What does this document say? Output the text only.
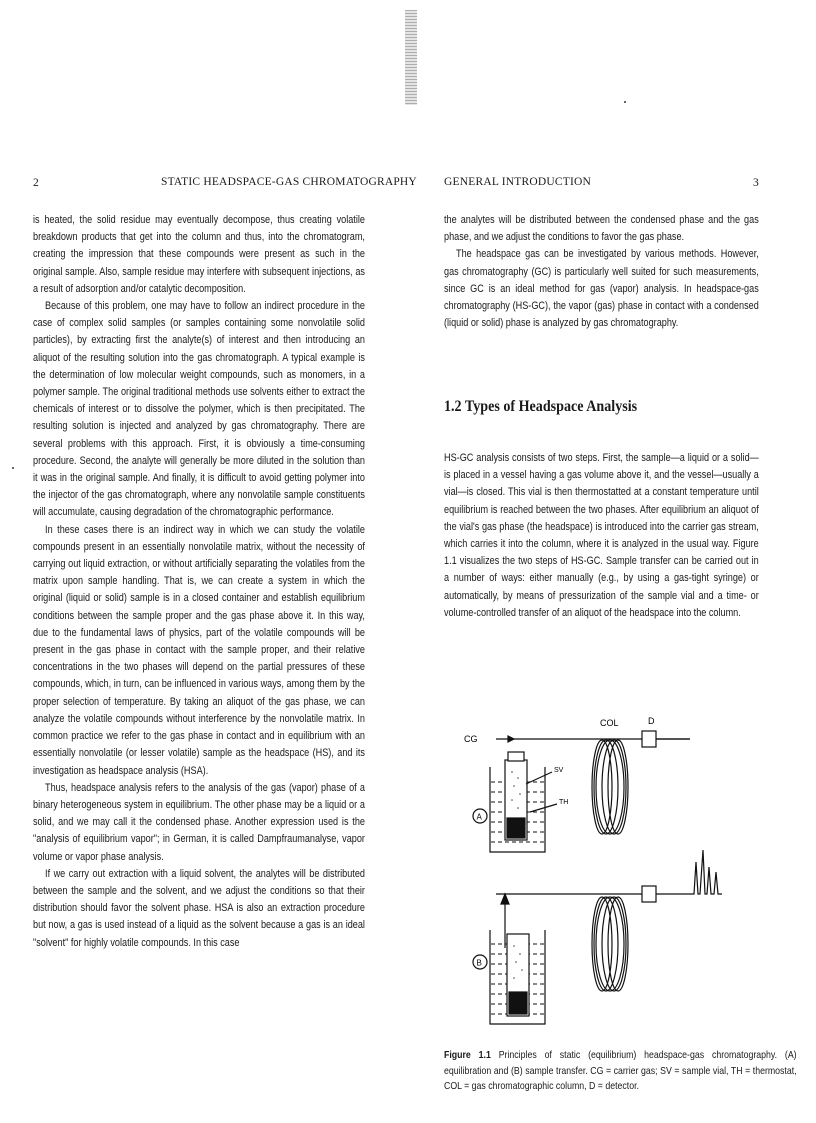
2	STATIC HEADSPACE-GAS CHROMATOGRAPHY

is heated, the solid residue may eventually decompose, thus creating volatile breakdown products that get into the column and thus, into the chromatogram, creating the impression that these compounds were present as such in the original sample. Also, sample residue may interfere with subsequent injections, as a result of adsorption and/or catalytic decomposition.

Because of this problem, one may have to follow an indirect procedure in the case of complex solid samples (or samples containing some nonvolatile solid particles), by extracting first the analyte(s) of interest and then introducing an aliquot of the resulting solution into the gas chromatograph. A typical example is the determination of low molecular weight compounds, such as monomers, in a polymer sample. The original traditional methods use solvents either to extract the chemicals of interest or to dissolve the polymer, which is then precipitated. The resulting solution is injected and analyzed by gas chromatography. There are several problems with this approach. First, it is obviously a time-consuming procedure. Second, the analyte will generally be more diluted in the solution than it was in the original sample. And finally, it is difficult to avoid getting polymer into the injector of the gas chromatograph, where any nonvolatile sample constituents will accumulate, causing degradation of the chromatographic performance.

In these cases there is an indirect way in which we can study the volatile compounds present in an essentially nonvolatile matrix, without the necessity of carrying out liquid extraction, or without artificially separating the volatiles from the matrix upon sample handling. That is, we can create a system in which the original (liquid or solid) sample is in a closed container and establish equilibrium conditions between the sample proper and the gas phase above it. In this way, due to the fundamental laws of physics, part of the volatile compounds will be present in the gas phase in contact with the sample proper, and their relative concentrations in the two phases will depend on the partial pressures of these compounds, which, in turn, can be influenced in various ways, among them by the proper selection of temperature. By taking an aliquot of the gas phase, we can analyze the volatile compounds without interference by the nonvolatile matrix. In common practice we refer to the gas phase in contact and in equilibrium with an essentially nonvolatile (or lesser volatile) sample as the headspace (HS), and its investigation as headspace analysis (HSA).

Thus, headspace analysis refers to the analysis of the gas (vapor) phase of a binary heterogeneous system in equilibrium. The other phase may be a liquid or a solid, and we may call it the condensed phase. Another expression used is the "analysis of equilibrium vapor"; in German, it is called Dampfraumanalyse, vapor volume or vapor phase analysis.

If we carry out extraction with a liquid solvent, the analytes will be distributed between the sample and the solvent, and we adjust the conditions so that their distribution should favor the solvent phase. HSA is also an extraction procedure but now, a gas is used instead of a liquid as the solvent because a gas is an ideal "solvent" for highly volatile compounds. In this case

GENERAL INTRODUCTION	3

the analytes will be distributed between the condensed phase and the gas phase, and we adjust the conditions to favor the gas phase.

The headspace gas can be investigated by various methods. However, gas chromatography (GC) is particularly well suited for such measurements, since GC is an ideal method for gas (vapor) analysis. In headspace-gas chromatography (HS-GC), the vapor (gas) phase in contact with a condensed (liquid or solid) phase is analyzed by gas chromatography.

1.2 Types of Headspace Analysis

HS-GC analysis consists of two steps. First, the sample—a liquid or a solid—is placed in a vessel having a gas volume above it, and the vessel—usually a vial—is closed. This vial is then thermostatted at a constant temperature until equilibrium is reached between the two phases. After equilibrium an aliquot of the vial's gas phase (the headspace) is introduced into the carrier gas stream, which carries it into the column, where it is analyzed in the usual way. Figure 1.1 visualizes the two steps of HS-GC. Sample transfer can be carried out in a number of ways: either manually (e.g., by using a gas-tight syringe) or automatically, by means of pressurization of the sample vial and a time- or volume-controlled transfer of an aliquot of the headspace into the column.

CG
COL	D
SV
TH
A
B
Figure 1.1 Principles of static (equilibrium) headspace-gas chromatography. (A) equilibration and (B) sample transfer. CG = carrier gas; SV = sample vial, TH = thermostat, COL = gas chromatographic column, D = detector.
